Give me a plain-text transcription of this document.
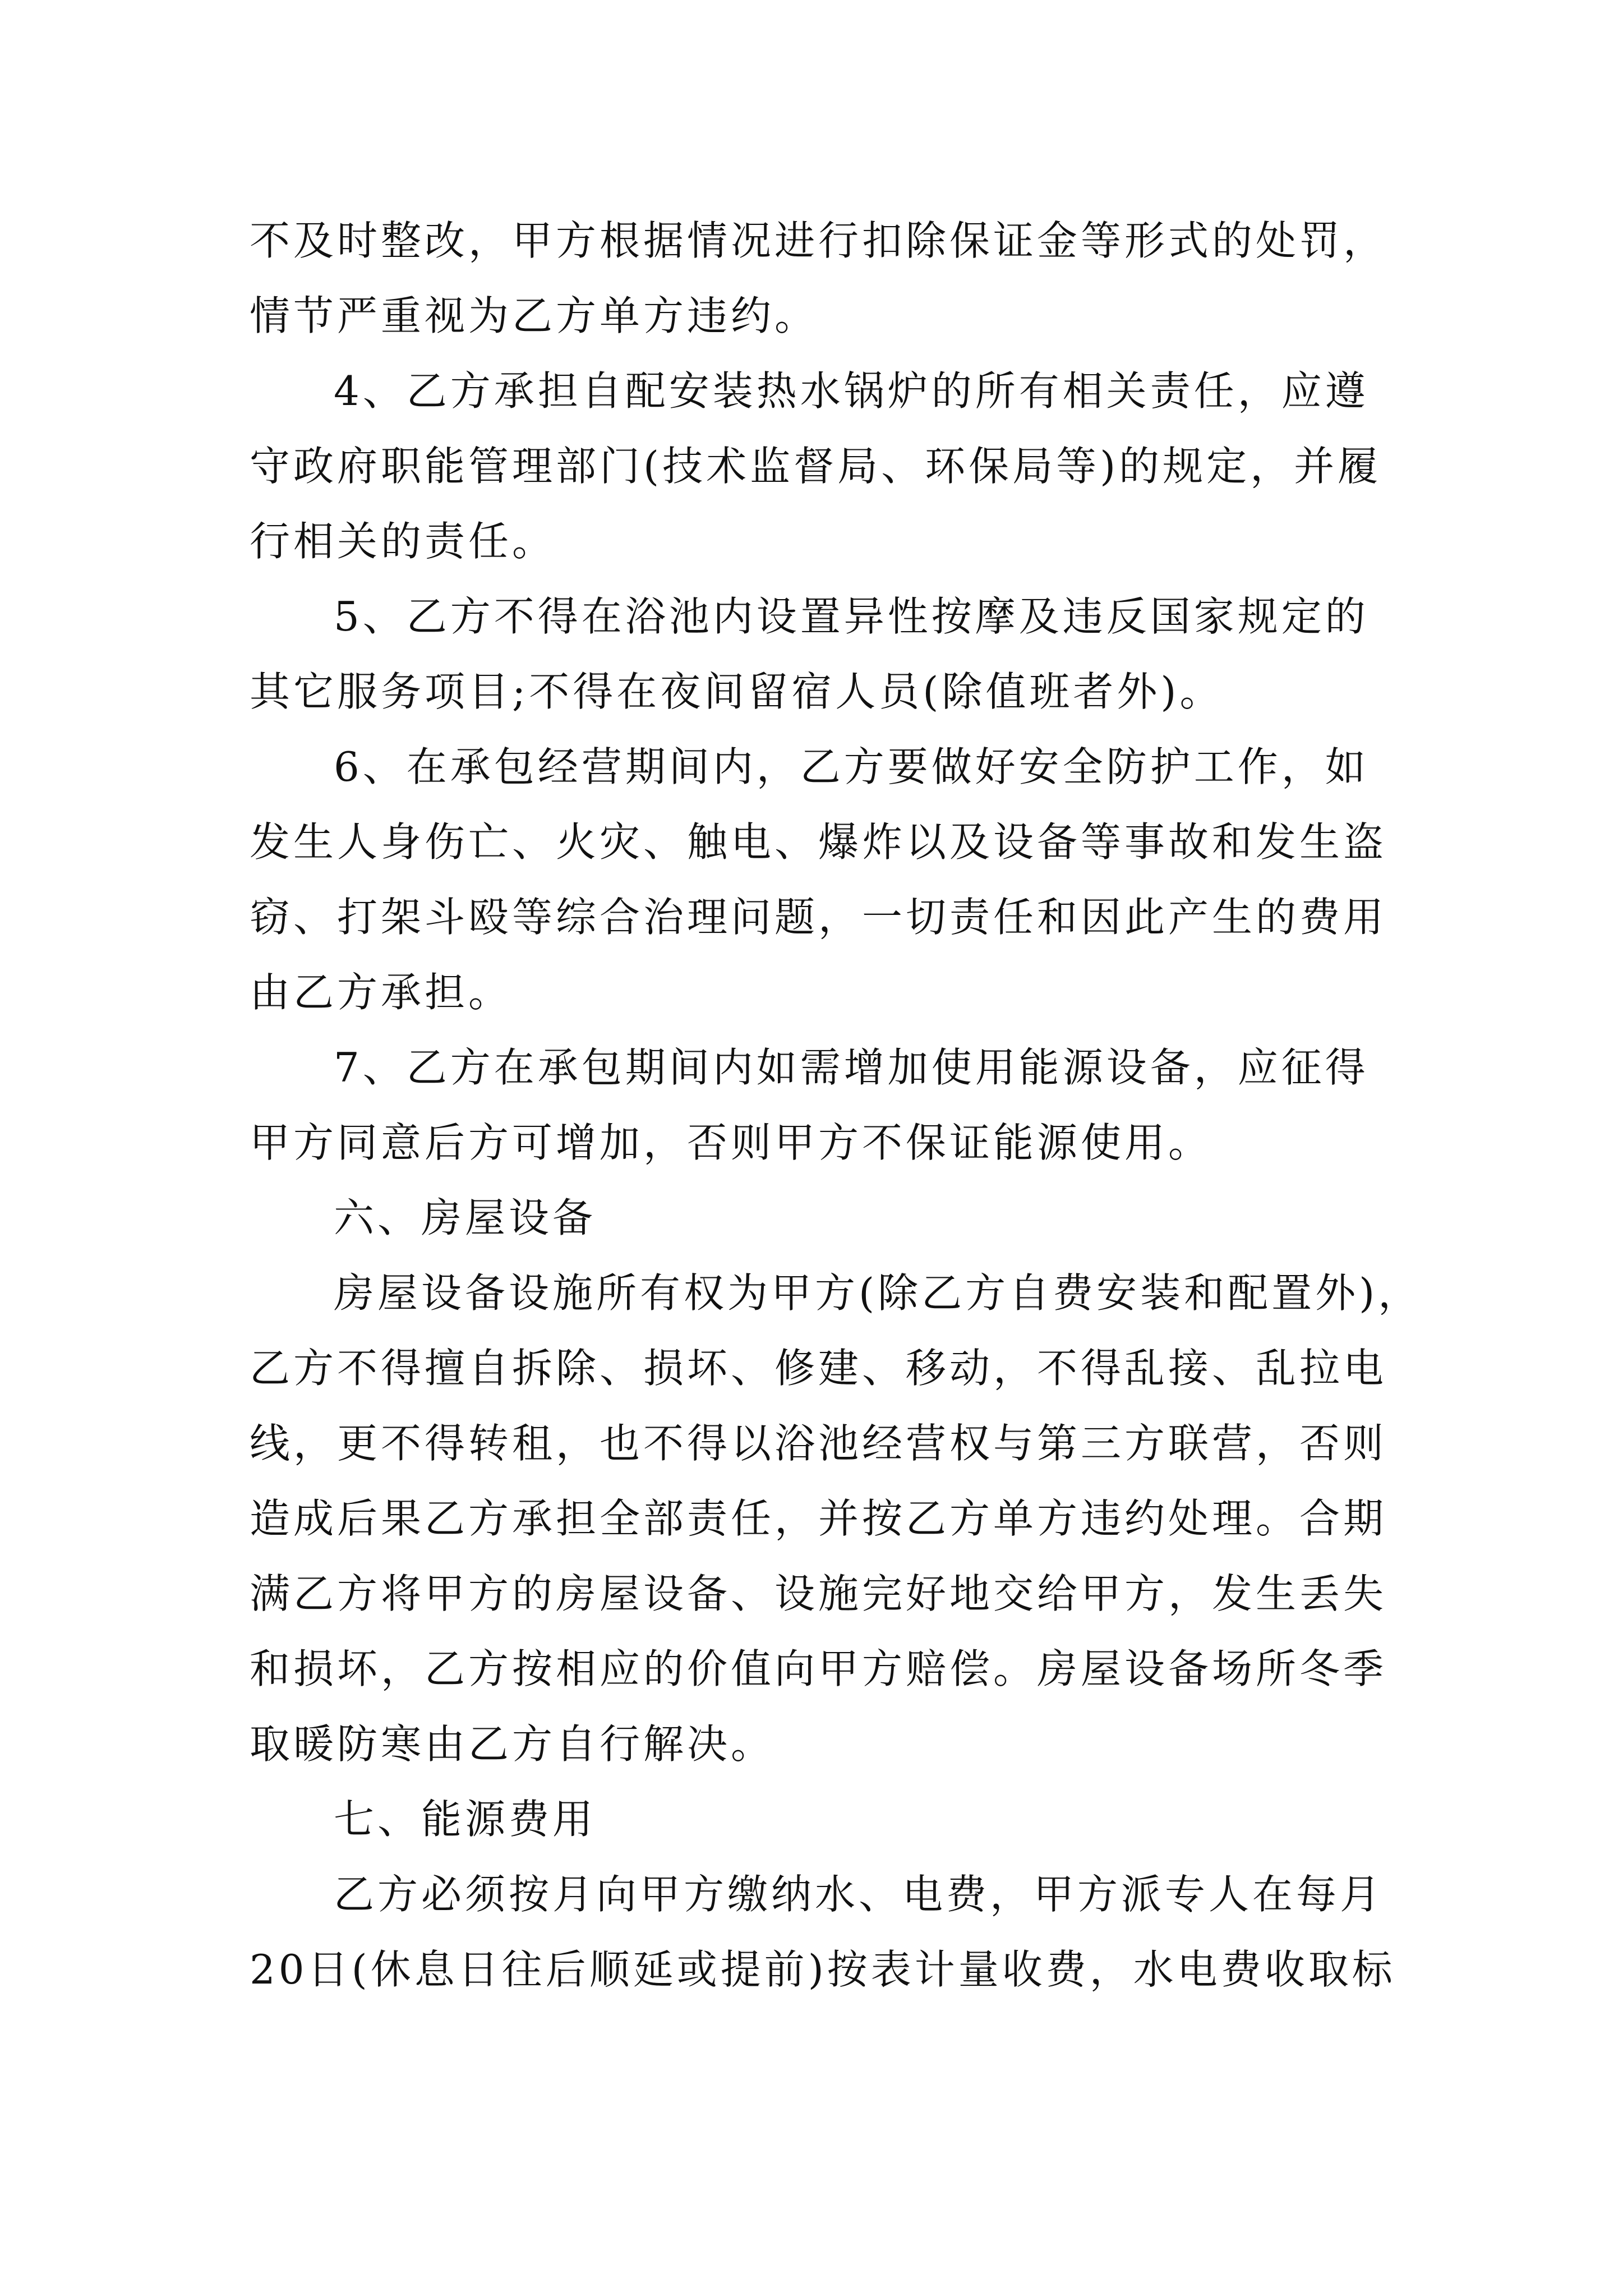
不及时整改，甲方根据情况进行扣除保证金等形式的处罚，
情节严重视为乙方单方违约。
4、乙方承担自配安装热水锅炉的所有相关责任，应遵
守政府职能管理部门(技术监督局、环保局等)的规定，并履
行相关的责任。
5、乙方不得在浴池内设置异性按摩及违反国家规定的
其它服务项目;不得在夜间留宿人员(除值班者外)。
6、在承包经营期间内，乙方要做好安全防护工作，如
发生人身伤亡、火灾、触电、爆炸以及设备等事故和发生盗
窃、打架斗殴等综合治理问题，一切责任和因此产生的费用
由乙方承担。
7、乙方在承包期间内如需增加使用能源设备，应征得
甲方同意后方可增加，否则甲方不保证能源使用。
六、房屋设备
房屋设备设施所有权为甲方(除乙方自费安装和配置外)，
乙方不得擅自拆除、损坏、修建、移动，不得乱接、乱拉电
线，更不得转租，也不得以浴池经营权与第三方联营，否则
造成后果乙方承担全部责任，并按乙方单方违约处理。合期
满乙方将甲方的房屋设备、设施完好地交给甲方，发生丢失
和损坏，乙方按相应的价值向甲方赔偿。房屋设备场所冬季
取暖防寒由乙方自行解决。
七、能源费用
乙方必须按月向甲方缴纳水、电费，甲方派专人在每月
20日(休息日往后顺延或提前)按表计量收费，水电费收取标
